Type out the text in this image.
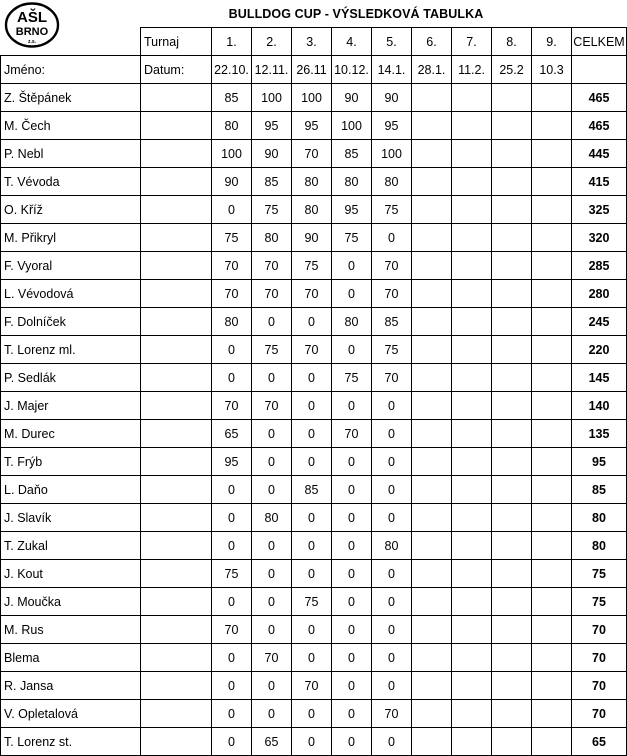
AŠL
BRNO
z.s.
BULLDOG CUP - VÝSLEDKOVÁ TABULKA
	Turnaj	1.	2.	3.	4.	5.	6.	7.	8.	9.	CELKEM
Jméno:	Datum:	22.10.	12.11.	26.11	10.12.	14.1.	28.1.	11.2.	25.2	10.3	
Z. Štěpánek		85	100	100	90	90					465
M. Čech		80	95	95	100	95					465
P. Nebl		100	90	70	85	100					445
T. Vévoda		90	85	80	80	80					415
O. Kříž		0	75	80	95	75					325
M. Přikryl		75	80	90	75	0					320
F. Vyoral		70	70	75	0	70					285
L. Vévodová		70	70	70	0	70					280
F. Dolníček		80	0	0	80	85					245
T. Lorenz ml.		0	75	70	0	75					220
P. Sedlák		0	0	0	75	70					145
J. Majer		70	70	0	0	0					140
M. Durec		65	0	0	70	0					135
T. Frýb		95	0	0	0	0					95
L. Daňo		0	0	85	0	0					85
J. Slavík		0	80	0	0	0					80
T. Zukal		0	0	0	0	80					80
J. Kout		75	0	0	0	0					75
J. Moučka		0	0	75	0	0					75
M. Rus		70	0	0	0	0					70
Blema		0	70	0	0	0					70
R. Jansa		0	0	70	0	0					70
V. Opletalová		0	0	0	0	70					70
T. Lorenz st.		0	65	0	0	0					65
